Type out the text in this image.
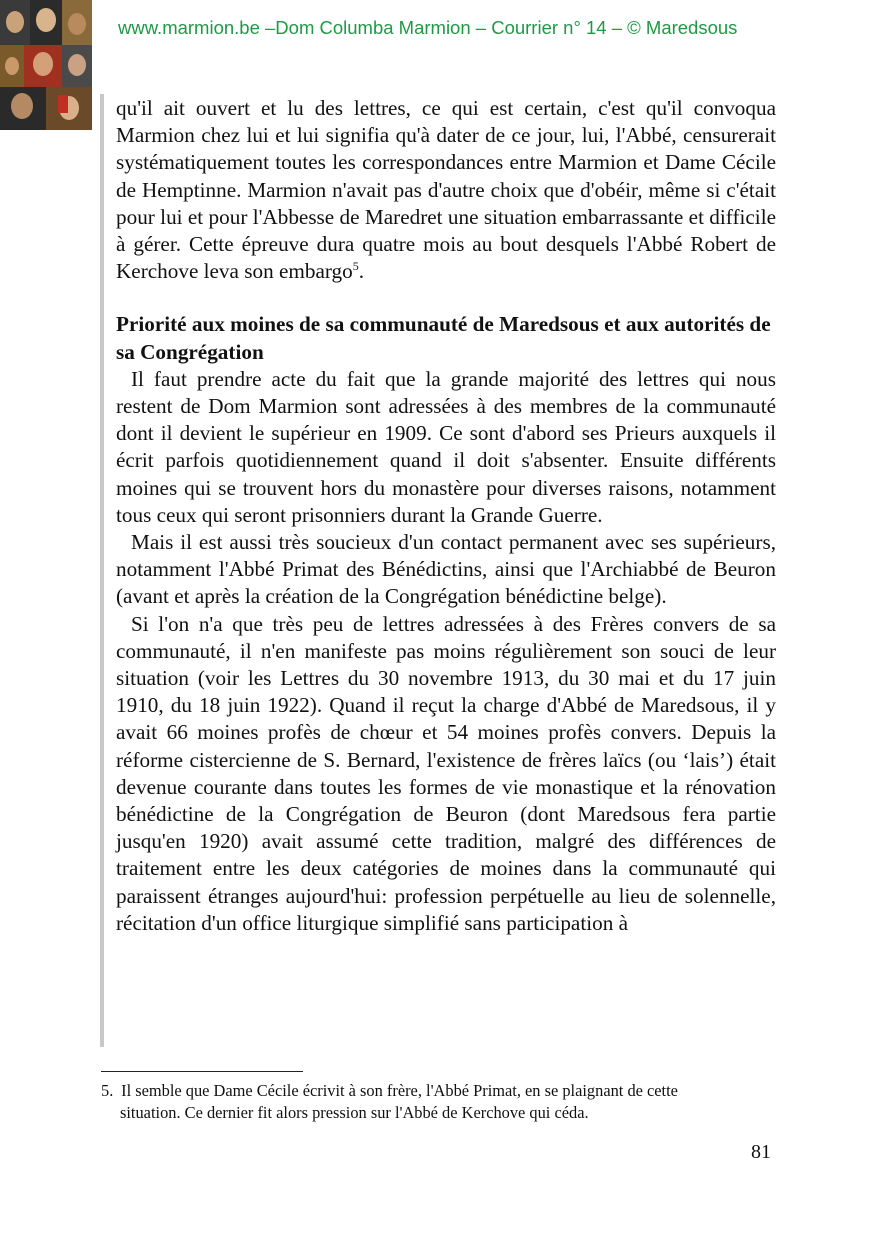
www.marmion.be –Dom Columba Marmion – Courrier n° 14 – © Maredsous

qu'il ait ouvert et lu des lettres, ce qui est certain, c'est qu'il convoqua Marmion chez lui et lui signifia qu'à dater de ce jour, lui, l'Abbé, censurerait systématiquement toutes les correspondances entre Marmion et Dame Cécile de Hemptinne. Marmion n'avait pas d'autre choix que d'obéir, même si c'était pour lui et pour l'Abbesse de Maredret une situation embarrassante et difficile à gérer. Cette épreuve dura quatre mois au bout desquels l'Abbé Robert de Kerchove leva son embargo$^5$.

Priorité aux moines de sa communauté de Maredsous et aux autorités de sa Congrégation

Il faut prendre acte du fait que la grande majorité des lettres qui nous restent de Dom Marmion sont adressées à des membres de la communauté dont il devient le supérieur en 1909. Ce sont d'abord ses Prieurs auxquels il écrit parfois quotidiennement quand il doit s'absenter. Ensuite différents moines qui se trouvent hors du monastère pour diverses raisons, notamment tous ceux qui seront prisonniers durant la Grande Guerre.

Mais il est aussi très soucieux d'un contact permanent avec ses supérieurs, notamment l'Abbé Primat des Bénédictins, ainsi que l'Archiabbé de Beuron (avant et après la création de la Congrégation bénédictine belge).

Si l'on n'a que très peu de lettres adressées à des Frères convers de sa communauté, il n'en manifeste pas moins régulièrement son souci de leur situation (voir les Lettres du 30 novembre 1913, du 30 mai et du 17 juin 1910, du 18 juin 1922). Quand il reçut la charge d'Abbé de Maredsous, il y avait 66 moines profès de chœur et 54 moines profès convers. Depuis la réforme cistercienne de S. Bernard, l'existence de frères laïcs (ou ‘lais’) était devenue courante dans toutes les formes de vie monastique et la rénovation bénédictine de la Congrégation de Beuron (dont Maredsous fera partie jusqu'en 1920) avait assumé cette tradition, malgré des différences de traitement entre les deux catégories de moines dans la communauté qui paraissent étranges aujourd'hui: profession perpétuelle au lieu de solennelle, récitation d'un office liturgique simplifié sans participation à

5. Il semble que Dame Cécile écrivit à son frère, l'Abbé Primat, en se plaignant de cette
situation. Ce dernier fit alors pression sur l'Abbé de Kerchove qui céda.
81
